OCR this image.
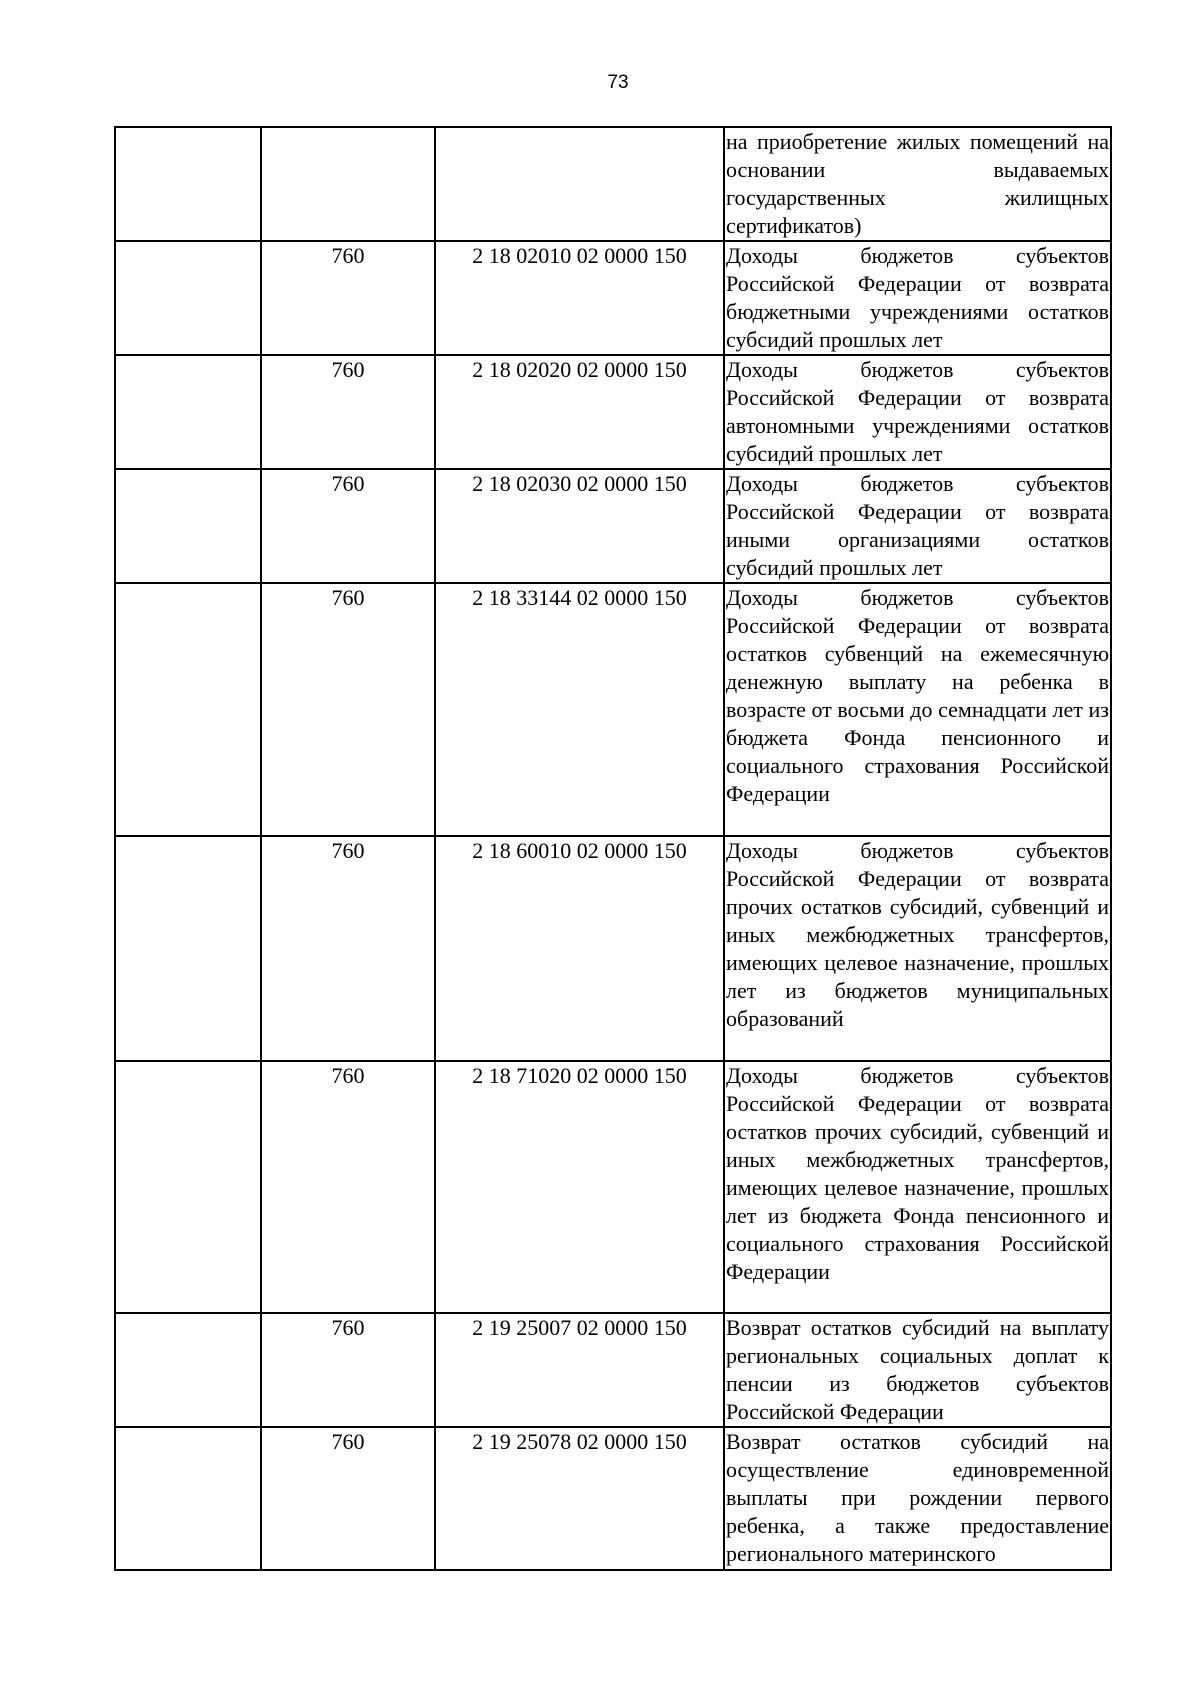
73

			на приобретение жилых помещений на основании выдаваемых государственных жилищных сертификатов)

	760	2 18 02010 02 0000 150	Доходы бюджетов субъектов Российской Федерации от возврата бюджетными учреждениями остатков субсидий прошлых лет

	760	2 18 02020 02 0000 150	Доходы бюджетов субъектов Российской Федерации от возврата автономными учреждениями остатков субсидий прошлых лет

	760	2 18 02030 02 0000 150	Доходы бюджетов субъектов Российской Федерации от возврата иными организациями остатков субсидий прошлых лет

	760	2 18 33144 02 0000 150	Доходы бюджетов субъектов Российской Федерации от возврата остатков субвенций на ежемесячную денежную выплату на ребенка в возрасте от восьми до семнадцати лет из бюджета Фонда пенсионного и социального страхования Российской Федерации

	760	2 18 60010 02 0000 150	Доходы бюджетов субъектов Российской Федерации от возврата прочих остатков субсидий, субвенций и иных межбюджетных трансфертов, имеющих целевое назначение, прошлых лет из бюджетов муниципальных образований

	760	2 18 71020 02 0000 150	Доходы бюджетов субъектов Российской Федерации от возврата остатков прочих субсидий, субвенций и иных межбюджетных трансфертов, имеющих целевое назначение, прошлых лет из бюджета Фонда пенсионного и социального страхования Российской Федерации

	760	2 19 25007 02 0000 150	Возврат остатков субсидий на выплату региональных социальных доплат к пенсии из бюджетов субъектов Российской Федерации

	760	2 19 25078 02 0000 150	Возврат остатков субсидий на осуществление единовременной выплаты при рождении первого ребенка, а также предоставление регионального материнского
